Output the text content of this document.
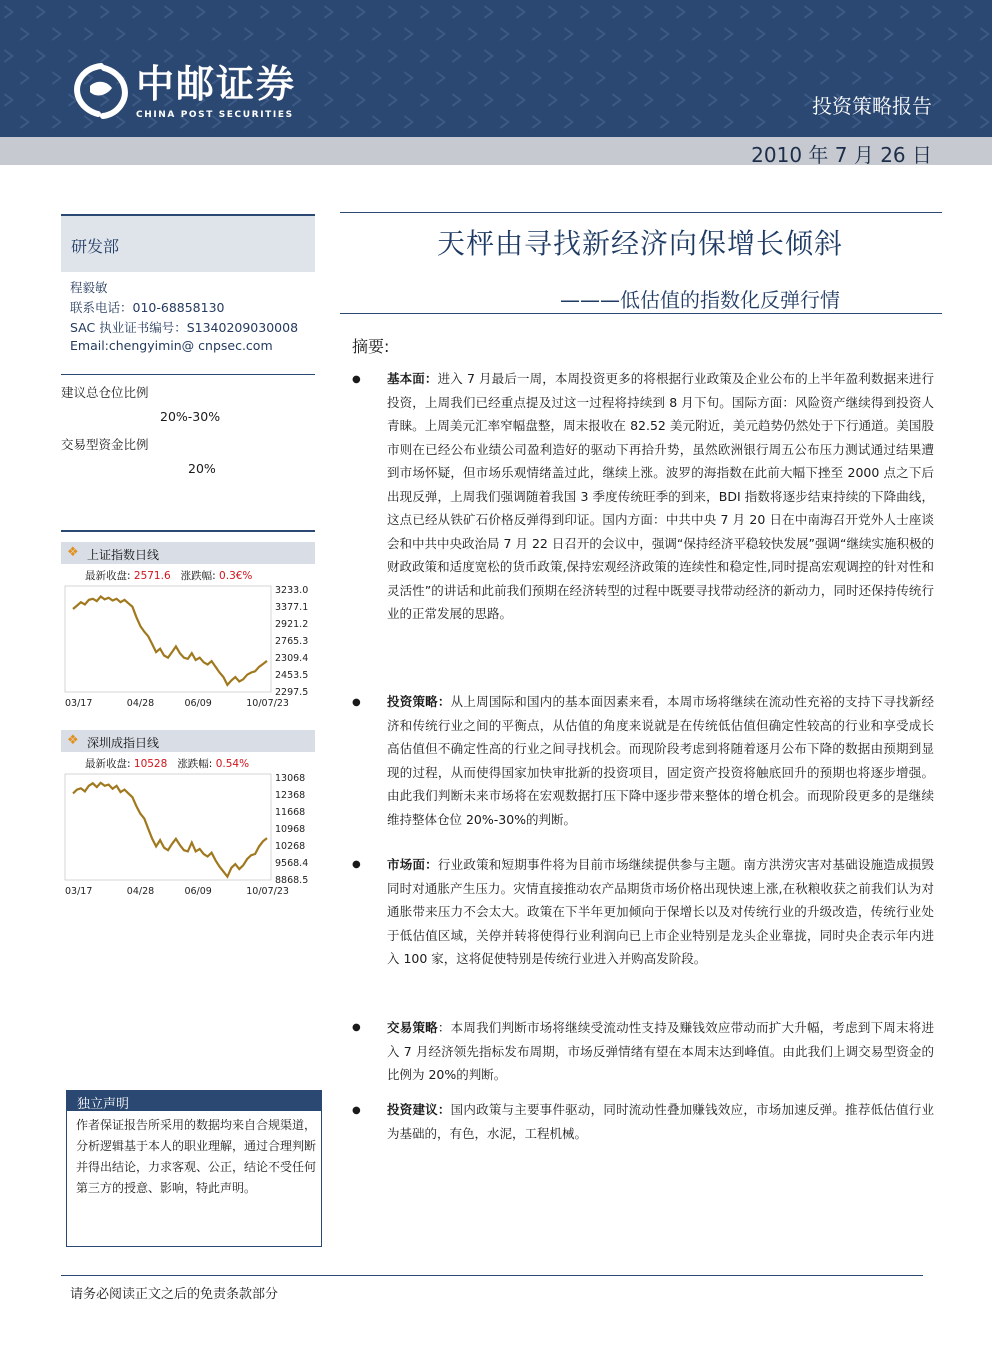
中邮证券
CHINA POST SECURITIES	投资策略报告
2010 年 7 月 26 日
研发部
程毅敏
联系电话：010-68858130
SAC 执业证书编号：S1340209030008
Email:chengyimin@ cnpsec.com
建议总仓位比例
20%-30%
交易型资金比例
20%
❖ 上证指数日线
最新收盘: 2571.6 涨跌幅: 0.3€%
3233.0
3377.1
2921.2
2765.3
2309.4
2453.5
2297.5
03/17	04/28	06/09	10/07/23
❖ 深圳成指日线
最新收盘: 10528 涨跌幅: 0.54%
13068
12368
11668
10968
10268
9568.4
8868.5
03/17	04/28	06/09	10/07/23
独立声明
作者保证报告所采用的数据均来自合规渠道，分析逻辑基于本人的职业理解，通过合理判断并得出结论，力求客观、公正，结论不受任何第三方的授意、影响，特此声明。
天枰由寻找新经济向保增长倾斜
———低估值的指数化反弹行情
摘要:
● 基本面：进入 7 月最后一周，本周投资更多的将根据行业政策及企业公布的上半年盈利数据来进行投资，上周我们已经重点提及过这一过程将持续到 8 月下旬。国际方面：风险资产继续得到投资人青睐。上周美元汇率窄幅盘整，周末报收在 82.52 美元附近，美元趋势仍然处于下行通道。美国股市则在已经公布业绩公司盈利造好的驱动下再拾升势，虽然欧洲银行周五公布压力测试通过结果遭到市场怀疑，但市场乐观情绪盖过此，继续上涨。波罗的海指数在此前大幅下挫至 2000 点之下后出现反弹，上周我们强调随着我国 3 季度传统旺季的到来，BDI 指数将逐步结束持续的下降曲线，这点已经从铁矿石价格反弹得到印证。国内方面：中共中央 7 月 20 日在中南海召开党外人士座谈会和中共中央政治局 7 月 22 日召开的会议中，强调“保持经济平稳较快发展”强调“继续实施积极的财政政策和适度宽松的货币政策,保持宏观经济政策的连续性和稳定性,同时提高宏观调控的针对性和灵活性”的讲话和此前我们预期在经济转型的过程中既要寻找带动经济的新动力，同时还保持传统行业的正常发展的思路。
● 投资策略：从上周国际和国内的基本面因素来看，本周市场将继续在流动性充裕的支持下寻找新经济和传统行业之间的平衡点，从估值的角度来说就是在传统低估值但确定性较高的行业和享受成长高估值但不确定性高的行业之间寻找机会。而现阶段考虑到将随着逐月公布下降的数据由预期到显现的过程，从而使得国家加快审批新的投资项目，固定资产投资将触底回升的预期也将逐步增强。由此我们判断未来市场将在宏观数据打压下降中逐步带来整体的增仓机会。而现阶段更多的是继续维持整体仓位 20%-30%的判断。
● 市场面：行业政策和短期事件将为目前市场继续提供参与主题。南方洪涝灾害对基础设施造成损毁同时对通胀产生压力。灾情直接推动农产品期货市场价格出现快速上涨,在秋粮收获之前我们认为对通胀带来压力不会太大。政策在下半年更加倾向于保增长以及对传统行业的升级改造，传统行业处于低估值区域，关停并转将使得行业利润向已上市企业特别是龙头企业靠拢，同时央企表示年内进入 100 家，这将促使特别是传统行业进入并购高发阶段。
● 交易策略：本周我们判断市场将继续受流动性支持及赚钱效应带动而扩大升幅，考虑到下周末将进入 7 月经济领先指标发布周期，市场反弹情绪有望在本周末达到峰值。由此我们上调交易型资金的比例为 20%的判断。
● 投资建议：国内政策与主要事件驱动，同时流动性叠加赚钱效应，市场加速反弹。推荐低估值行业为基础的，有色，水泥，工程机械。
请务必阅读正文之后的免责条款部分
